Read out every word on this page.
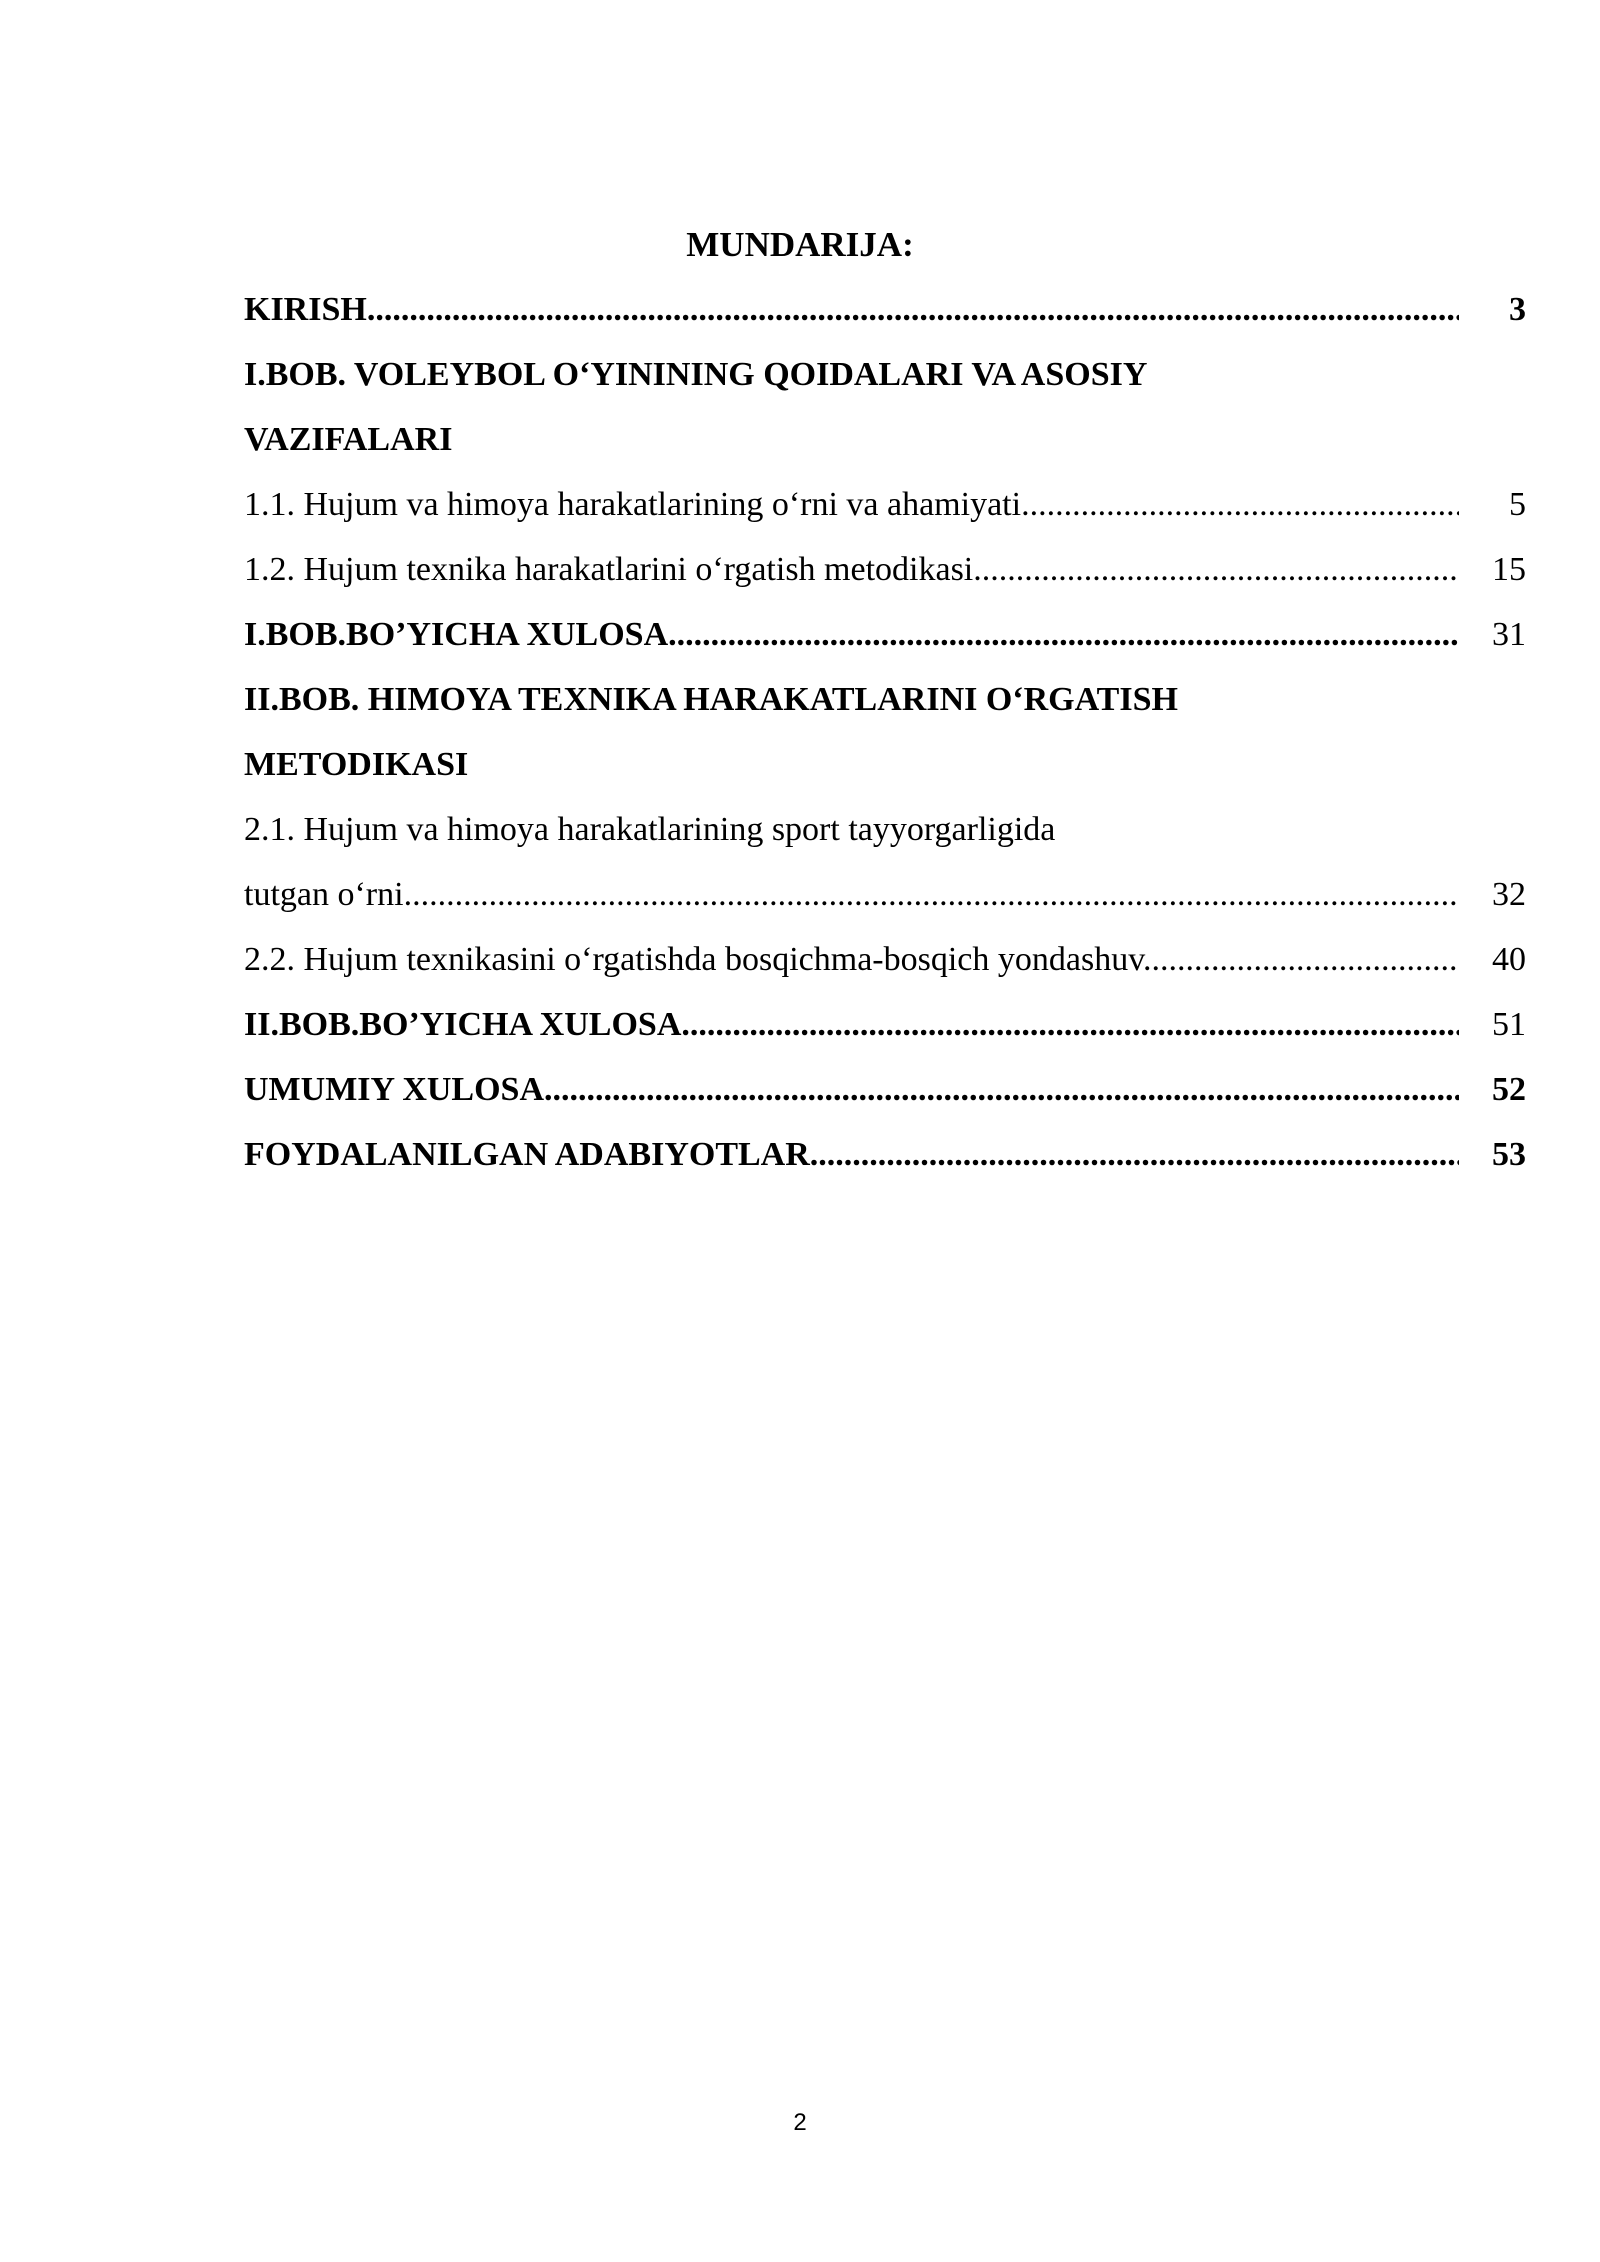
MUNDARIJA:
KIRISH .....	3
I.BOB. VOLEYBOL O‘YINI​NING QOIDALARI VA ASOSIY
VAZIFALARI
1.1. Hujum va himoya harakatlarining o‘rni va ahamiyati .....	5
1.2. Hujum texnika harakatlarini o‘rgatish metodikasi .....	15
I.BOB.BO’YICHA XULOSA .....	31
II.BOB. HIMOYA TEXNIKA HARAKATLARINI O‘RGATISH
METODIKASI
2.1. Hujum va himoya harakatlarining sport tayyorgarligida
tutgan o‘rni .....	32
2.2. Hujum texnikasini o‘rgatishda bosqichma-bosqich yondashuv .....	40
II.BOB.BO’YICHA XULOSA .....	51
UMUMIY XULOSA .....	52
FOYDALANILGAN ADABIYOTLAR .....	53
2
